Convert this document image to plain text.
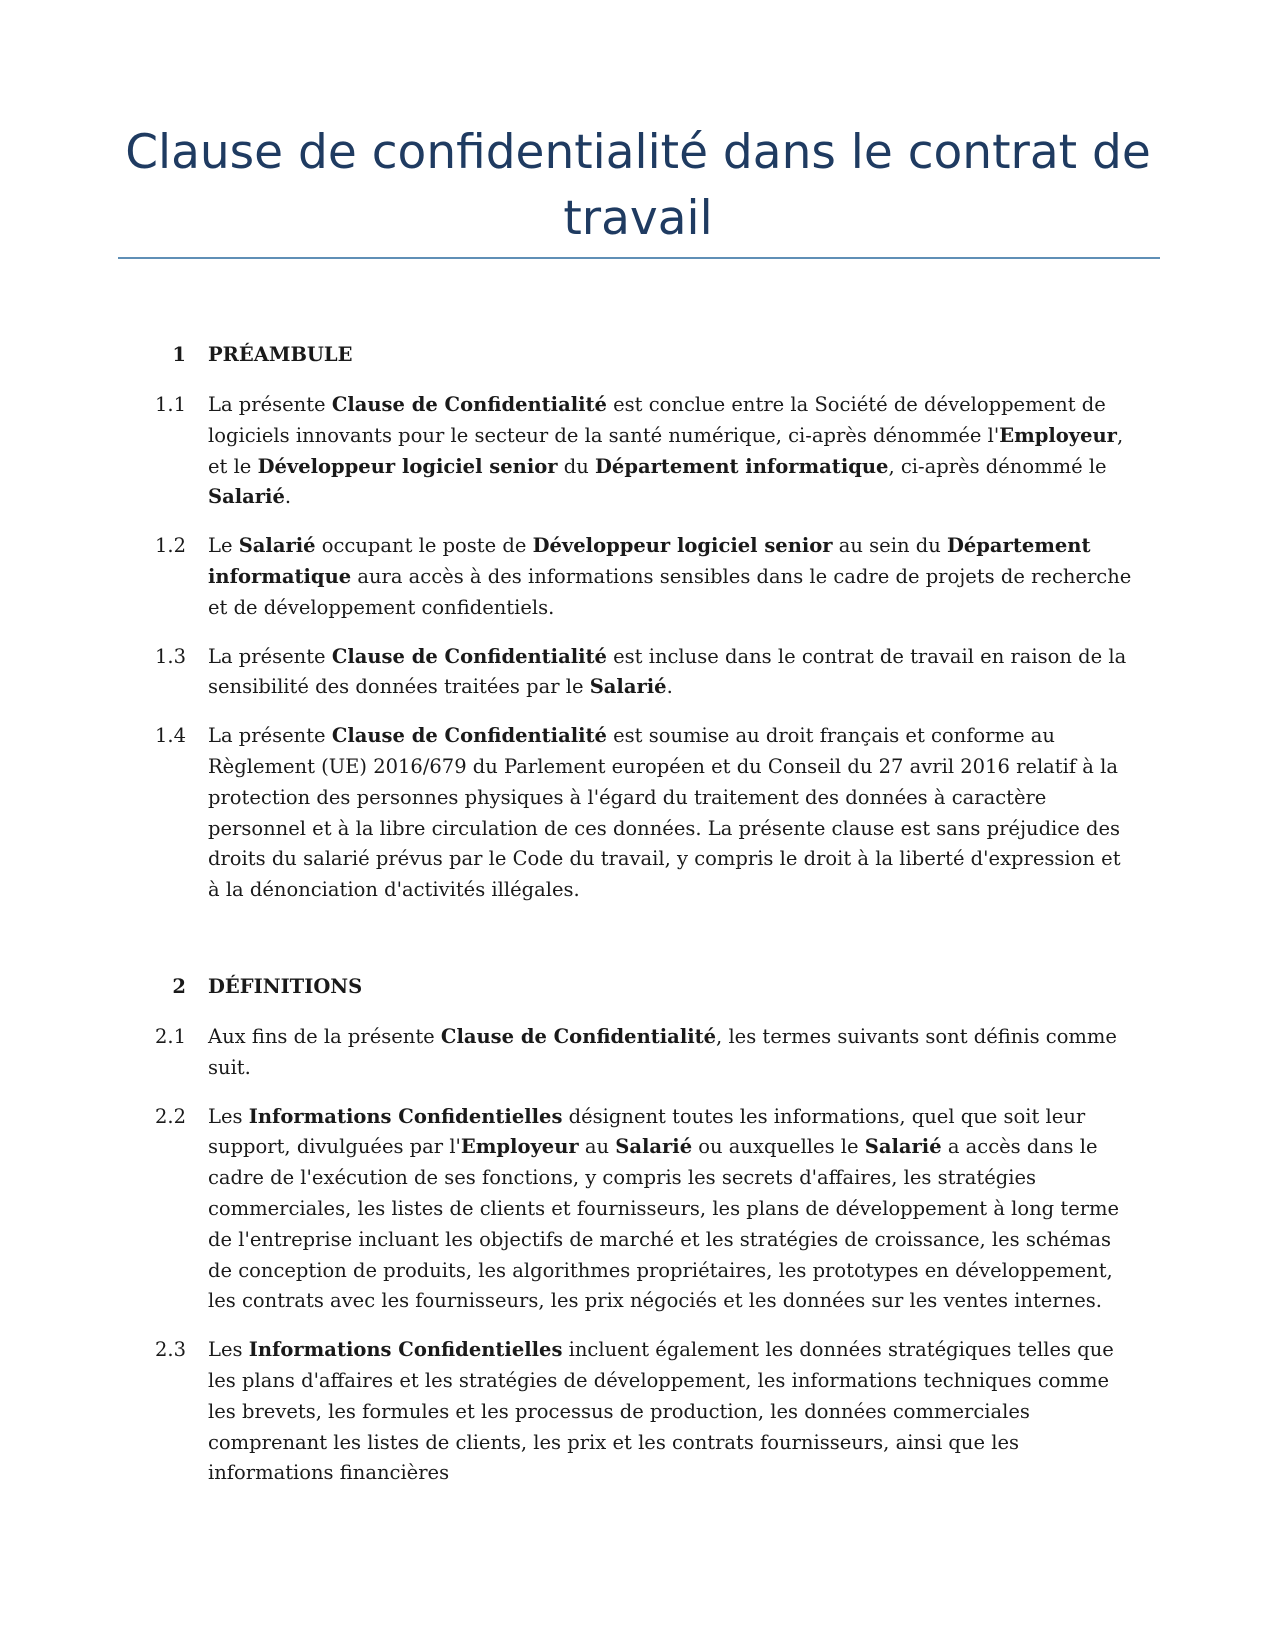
Clause de confidentialité dans le contrat de travail
1 PRÉAMBULE
1.1 La présente Clause de Confidentialité est conclue entre la Société de développement de logiciels innovants pour le secteur de la santé numérique, ci-après dénommée l'Employeur, et le Développeur logiciel senior du Département informatique, ci-après dénommé le Salarié.
1.2 Le Salarié occupant le poste de Développeur logiciel senior au sein du Département informatique aura accès à des informations sensibles dans le cadre de projets de recherche et de développement confidentiels.
1.3 La présente Clause de Confidentialité est incluse dans le contrat de travail en raison de la sensibilité des données traitées par le Salarié.
1.4 La présente Clause de Confidentialité est soumise au droit français et conforme au Règlement (UE) 2016/679 du Parlement européen et du Conseil du 27 avril 2016 relatif à la protection des personnes physiques à l'égard du traitement des données à caractère personnel et à la libre circulation de ces données. La présente clause est sans préjudice des droits du salarié prévus par le Code du travail, y compris le droit à la liberté d'expression et à la dénonciation d'activités illégales.
2 DÉFINITIONS
2.1 Aux fins de la présente Clause de Confidentialité, les termes suivants sont définis comme suit.
2.2 Les Informations Confidentielles désignent toutes les informations, quel que soit leur support, divulguées par l'Employeur au Salarié ou auxquelles le Salarié a accès dans le cadre de l'exécution de ses fonctions, y compris les secrets d'affaires, les stratégies commerciales, les listes de clients et fournisseurs, les plans de développement à long terme de l'entreprise incluant les objectifs de marché et les stratégies de croissance, les schémas de conception de produits, les algorithmes propriétaires, les prototypes en développement, les contrats avec les fournisseurs, les prix négociés et les données sur les ventes internes.
2.3 Les Informations Confidentielles incluent également les données stratégiques telles que les plans d'affaires et les stratégies de développement, les informations techniques comme les brevets, les formules et les processus de production, les données commerciales comprenant les listes de clients, les prix et les contrats fournisseurs, ainsi que les informations financières
